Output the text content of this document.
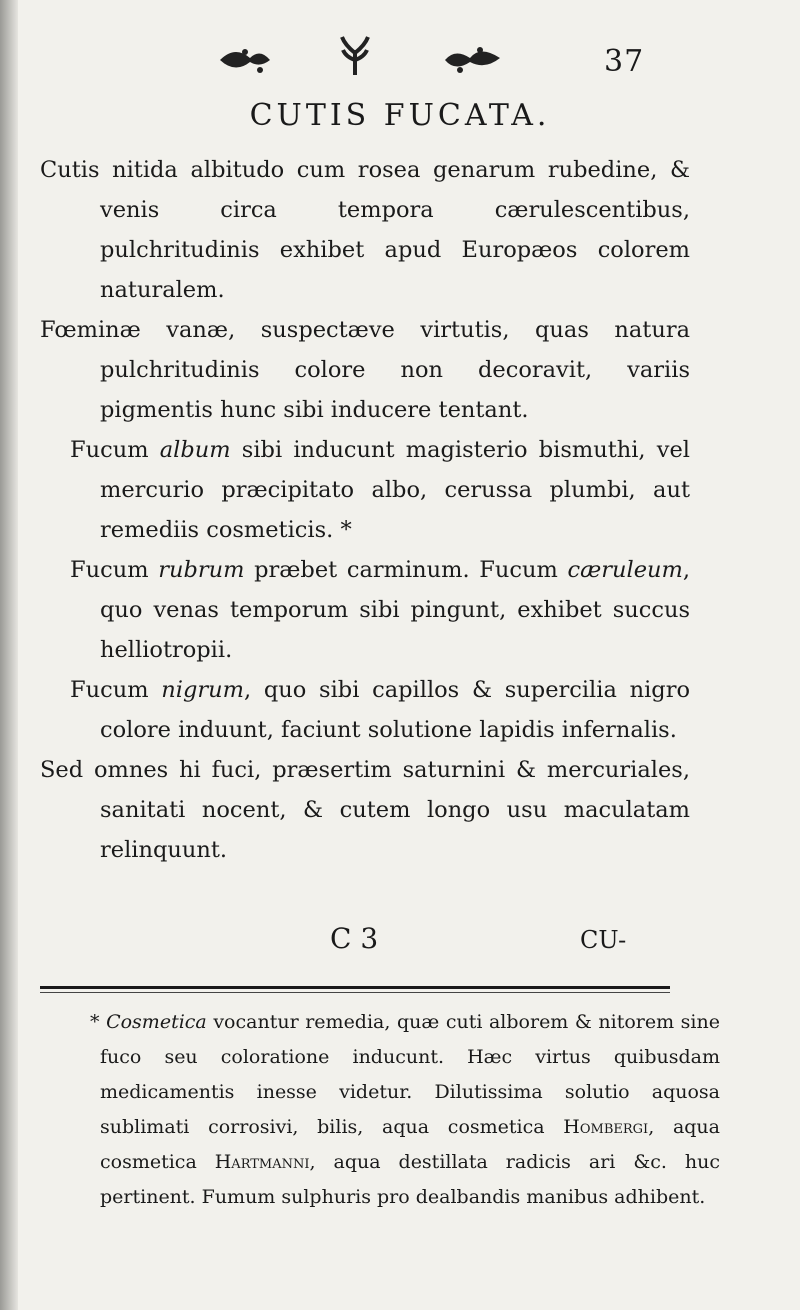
37
CUTIS FUCATA.

Cutis nitida albitudo cum rosea genarum rubedine, & venis circa tempora cærulescentibus, pulchritudinis exhibet apud Europæos colorem naturalem.

Fœminæ vanæ, suspectæve virtutis, quas natura pulchritudinis colore non decoravit, variis pigmentis hunc sibi inducere tentant.

Fucum album sibi inducunt magisterio bismuthi, vel mercurio præcipitato albo, cerussa plumbi, aut remediis cosmeticis. *

Fucum rubrum præbet carminum. Fucum cæruleum, quo venas temporum sibi pingunt, exhibet succus helliotropii.

Fucum nigrum, quo sibi capillos & supercilia nigro colore induunt, faciunt solutione lapidis infernalis.

Sed omnes hi fuci, præsertim saturnini & mercuriales, sanitati nocent, & cutem longo usu maculatam relinquunt.

C 3	CU-

* Cosmetica vocantur remedia, quæ cuti alborem & nitorem sine fuco seu coloratione inducunt. Hæc virtus quibusdam medicamentis inesse videtur. Dilutissima solutio aquosa sublimati corrosivi, bilis, aqua cosmetica Hombergi, aqua cosmetica Hartmanni, aqua destillata radicis ari &c. huc pertinent. Fumum sulphuris pro dealbandis manibus adhibent.
